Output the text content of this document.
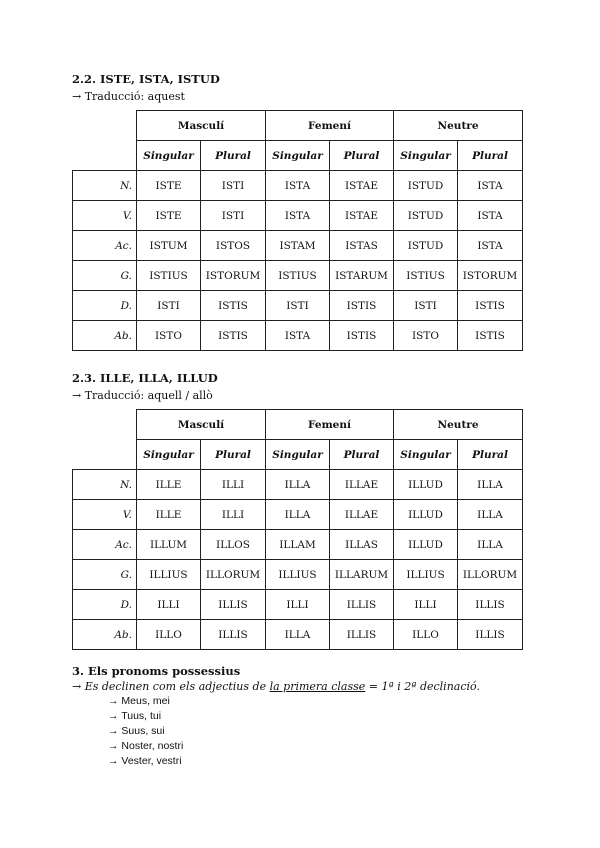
2.2. ISTE, ISTA, ISTUD
→ Traducció: aquest
	Masculí		Femení		Neutre	
	Singular	Plural	Singular	Plural	Singular	Plural
N.	ISTE	ISTI	ISTA	ISTAE	ISTUD	ISTA
V.	ISTE	ISTI	ISTA	ISTAE	ISTUD	ISTA
Ac.	ISTUM	ISTOS	ISTAM	ISTAS	ISTUD	ISTA
G.	ISTIUS	ISTORUM	ISTIUS	ISTARUM	ISTIUS	ISTORUM
D.	ISTI	ISTIS	ISTI	ISTIS	ISTI	ISTIS
Ab.	ISTO	ISTIS	ISTA	ISTIS	ISTO	ISTIS
2.3. ILLE, ILLA, ILLUD
→ Traducció: aquell / allò
	Masculí		Femení		Neutre	
	Singular	Plural	Singular	Plural	Singular	Plural
N.	ILLE	ILLI	ILLA	ILLAE	ILLUD	ILLA
V.	ILLE	ILLI	ILLA	ILLAE	ILLUD	ILLA
Ac.	ILLUM	ILLOS	ILLAM	ILLAS	ILLUD	ILLA
G.	ILLIUS	ILLORUM	ILLIUS	ILLARUM	ILLIUS	ILLORUM
D.	ILLI	ILLIS	ILLI	ILLIS	ILLI	ILLIS
Ab.	ILLO	ILLIS	ILLA	ILLIS	ILLO	ILLIS
3. Els pronoms possessius
→ Es declinen com els adjectius de la primera classe = 1ª i 2ª declinació.
→ Meus, mei
→ Tuus, tui
→ Suus, sui
→ Noster, nostri
→ Vester, vestri
